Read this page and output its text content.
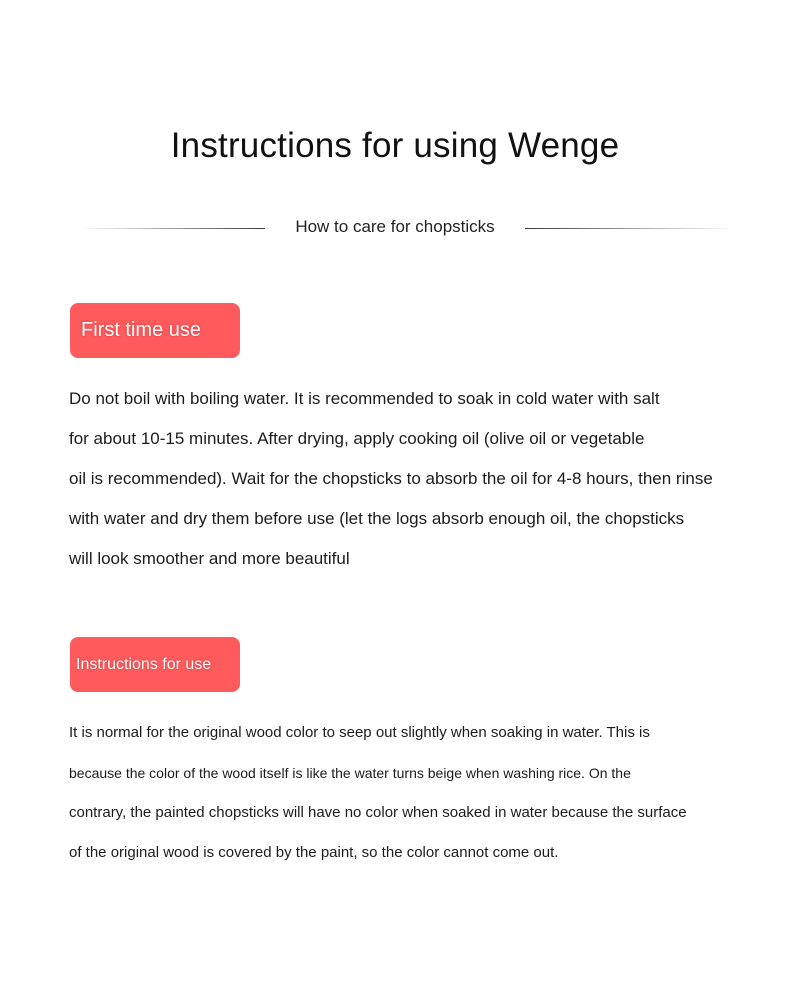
Instructions for using Wenge
How to care for chopsticks
First time use
Do not boil with boiling water. It is recommended to soak in cold water with salt
for about 10-15 minutes. After drying, apply cooking oil (olive oil or vegetable
oil is recommended). Wait for the chopsticks to absorb the oil for 4-8 hours, then rinse
with water and dry them before use (let the logs absorb enough oil, the chopsticks
will look smoother and more beautiful
Instructions for use
It is normal for the original wood color to seep out slightly when soaking in water. This is
because the color of the wood itself is like the water turns beige when washing rice. On the
contrary, the painted chopsticks will have no color when soaked in water because the surface
of the original wood is covered by the paint, so the color cannot come out.
